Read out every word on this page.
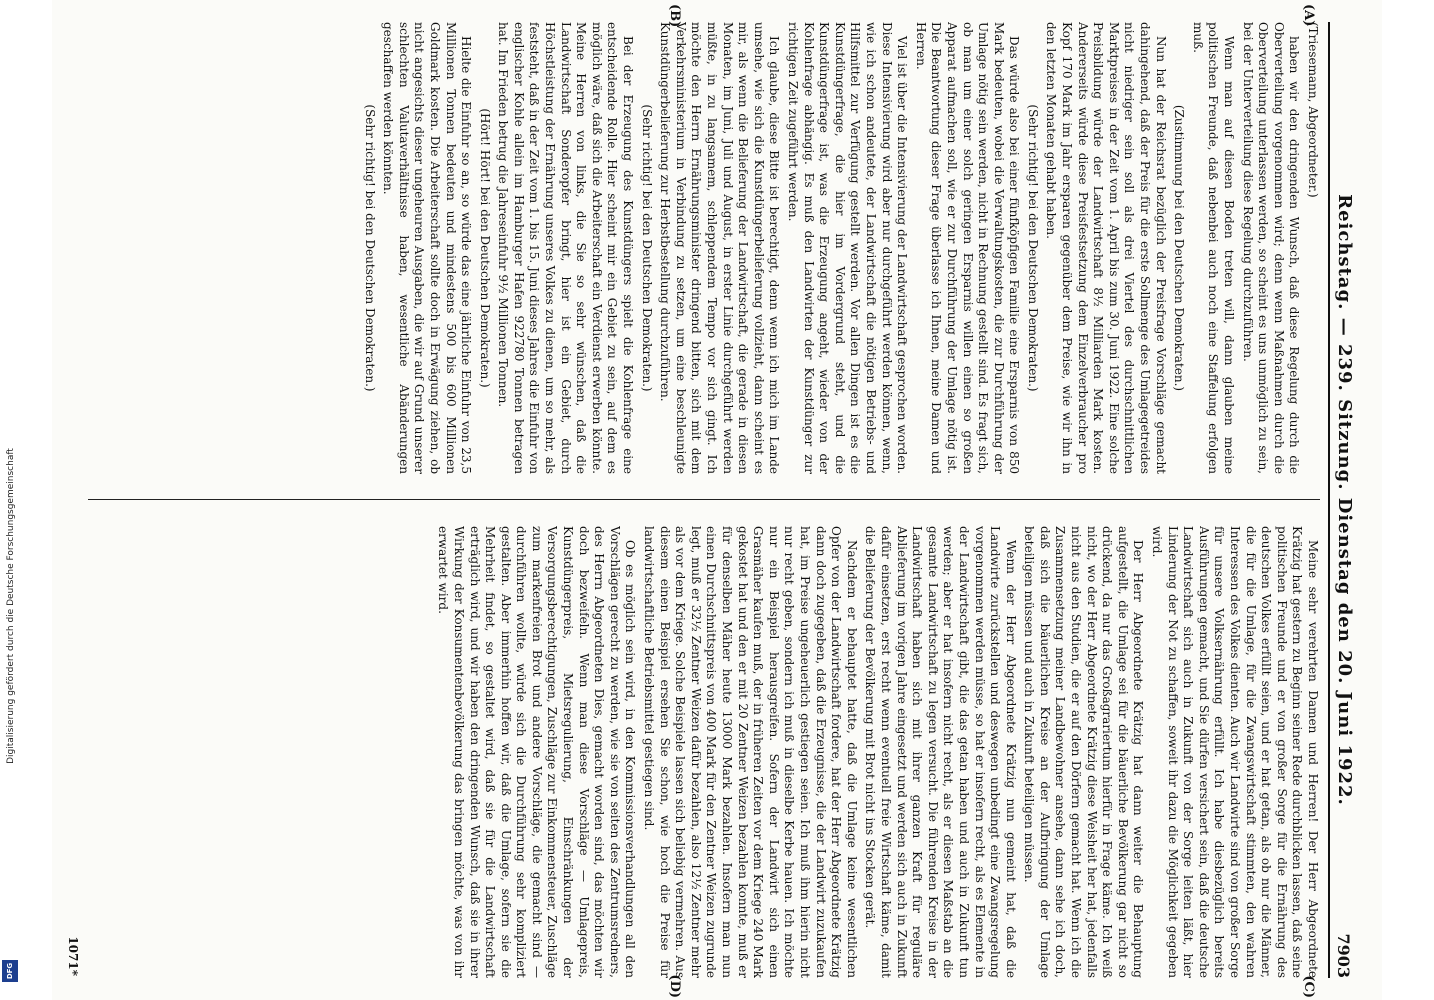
Reichstag. — 239. Sitzung. Dienstag den 20. Juni 1922.
7903
(A)
(B)
(C)
(D)

(Triesemann, Abgeordneter.)

haben wir den dringenden Wunsch, daß diese Regelung durch die Oberverteilung vorgenommen wird; denn wenn Maßnahmen durch die Oberverteilung unterlassen werden, so scheint es uns unmöglich zu sein, bei der Unterverteilung diese Regelung durchzuführen.

Wenn man auf diesen Boden treten will, dann glauben meine politischen Freunde, daß nebenbei auch noch eine Staffelung erfolgen muß.

(Zustimmung bei den Deutschen Demokraten.)

Nun hat der Reichsrat bezüglich der Preisfrage Vorschläge gemacht dahingehend, daß der Preis für die erste Sollmenge des Umlagegetreides nicht niedriger sein soll als drei Viertel des durchschnittlichen Marktpreises in der Zeit vom 1. April bis zum 30. Juni 1922. Eine solche Preisbildung würde der Landwirtschaft 8½ Milliarden Mark kosten. Andererseits würde diese Preisfestsetzung dem Einzelverbraucher pro Kopf 170 Mark im Jahr ersparen gegenüber dem Preise, wie wir ihn in den letzten Monaten gehabt haben.

(Sehr richtig! bei den Deutschen Demokraten.)

Das würde also bei einer fünfköpfigen Familie eine Ersparnis von 850 Mark bedeuten, wobei die Verwaltungskosten, die zur Durchführung der Umlage nötig sein werden, nicht in Rechnung gestellt sind. Es fragt sich, ob man um einer solch geringen Ersparnis willen einen so großen Apparat aufmachen soll, wie er zur Durchführung der Umlage nötig ist. Die Beantwortung dieser Frage überlasse ich Ihnen, meine Damen und Herren.

Viel ist über die Intensivierung der Landwirtschaft gesprochen worden. Diese Intensivierung wird aber nur durchgeführt werden können, wenn, wie ich schon andeutete, der Landwirtschaft die nötigen Betriebs- und Hilfsmittel zur Verfügung gestellt werden. Vor allen Dingen ist es die Kunstdüngerfrage, die hier im Vordergrund steht, und die Kunstdüngerfrage ist, was die Erzeugung angeht, wieder von der Kohlenfrage abhängig. Es muß den Landwirten der Kunstdünger zur richtigen Zeit zugeführt werden.

Ich glaube, diese Bitte ist berechtigt, denn wenn ich mich im Lande umsehe, wie sich die Kunstdüngerbelieferung vollzieht, dann scheint es mir, als wenn die Belieferung der Landwirtschaft, die gerade in diesen Monaten, im Juni, Juli und August, in erster Linie durchgeführt werden müßte, in zu langsamem, schleppendem Tempo vor sich gingt. Ich möchte den Herrn Ernährungsminister dringend bitten, sich mit dem Verkehrsministerium in Verbindung zu setzen, um eine beschleunigte Kunstdüngerbelieferung zur Herbstbestellung durchzuführen.

(Sehr richtig! bei den Deutschen Demokraten.)

Bei der Erzeugung des Kunstdüngers spielt die Kohlenfrage eine entscheidende Rolle. Hier scheint mir ein Gebiet zu sein, auf dem es möglich wäre, daß sich die Arbeiterschaft ein Verdienst erwerben könnte. Meine Herren von links, die Sie so sehr wünschen, daß die Landwirtschaft Sonderopfer bringt, hier ist ein Gebiet, durch Höchstleistung der Ernährung unseres Volkes zu dienen, um so mehr, als feststeht, daß in der Zeit vom 1. bis 15. Juni dieses Jahres die Einfuhr von englischer Kohle allein im Hamburger Hafen 922780 Tonnen betragen hat. Im Frieden betrug die Jahreseinfuhr 9½ Millionen Tonnen.

(Hört! Hört! bei den Deutschen Demokraten.)

Hielte die Einfuhr so an, so würde das eine jährliche Einfuhr von 23,5 Millionen Tonnen bedeuten und mindestens 500 bis 600 Millionen Goldmark kosten. Die Arbeiterschaft sollte doch in Erwägung ziehen, ob nicht angesichts dieser ungeheuren Ausgaben, die wir auf Grund unserer schlechten Valutaverhältnisse haben, wesentliche Abänderungen geschaffen werden könnten.

(Sehr richtig! bei den Deutschen Demokraten.)

Meine sehr verehrten Damen und Herren! Der Herr Abgeordnete Krätzig hat gestern zu Beginn seiner Rede durchblicken lassen, daß seine politischen Freunde und er von großer Sorge für die Ernährung des deutschen Volkes erfüllt seien, und er hat getan, als ob nur die Männer, die für die Umlage, für die Zwangswirtschaft stimmten, den wahren Interessen des Volkes dienten. Auch wir Landwirte sind von großer Sorge für unsere Volksernährung erfüllt. Ich habe diesbezüglich bereits Ausführungen gemacht, und Sie dürfen versichert sein, daß die deutsche Landwirtschaft sich auch in Zukunft von der Sorge leiten läßt, hier Linderung der Not zu schaffen, soweit ihr dazu die Möglichkeit gegeben wird.

Der Herr Abgeordnete Krätzig hat dann weiter die Behauptung aufgestellt, die Umlage sei für die bäuerliche Bevölkerung gar nicht so drückend, da nur das Großagrariertum hierfür in Frage käme. Ich weiß nicht, wo der Herr Abgeordnete Krätzig diese Weisheit her hat, jedenfalls nicht aus den Studien, die er auf den Dörfern gemacht hat. Wenn ich die Zusammensetzung meiner Landbewohner ansehe, dann sehe ich doch, daß sich die bäuerlichen Kreise an der Aufbringung der Umlage beteiligen müssen und auch in Zukunft beteiligen müssen.

Wenn der Herr Abgeordnete Krätzig nun gemeint hat, daß die Landwirte zurückstellen und deswegen unbedingt eine Zwangsregelung vorgenommen werden müsse, so hat er insofern recht, als es Elemente in der Landwirtschaft gibt, die das getan haben und auch in Zukunft tun werden; aber er hat insofern nicht recht, als er diesen Maßstab an die gesamte Landwirtschaft zu legen versucht. Die führenden Kreise in der Landwirtschaft haben sich mit ihrer ganzen Kraft für reguläre Ablieferung im vorigen Jahre eingesetzt und werden sich auch in Zukunft dafür einsetzen, erst recht wenn eventuell freie Wirtschaft käme, damit die Belieferung der Bevölkerung mit Brot nicht ins Stocken gerät.

Nachdem er behauptet hatte, daß die Umlage keine wesentlichen Opfer von der Landwirtschaft fordere, hat der Herr Abgeordnete Krätzig dann doch zugegeben, daß die Erzeugnisse, die der Landwirt zuzukaufen hat, im Preise ungeheuerlich gestiegen seien. Ich muß ihm hierin nicht nur recht geben, sondern ich muß in dieselbe Kerbe hauen. Ich möchte nur ein Beispiel herausgreifen. Sofern der Landwirt sich einen Grasmäher kaufen muß, der in früheren Zeiten vor dem Kriege 240 Mark gekostet hat und den er mit 20 Zentner Weizen bezahlen konnte, muß er für denselben Mäher heute 13000 Mark bezahlen. Insofern man nun einen Durchschnittspreis von 400 Mark für den Zentner Weizen zugrunde legt, muß er 32½ Zentner Weizen dafür bezahlen, also 12½ Zentner mehr als vor dem Kriege. Solche Beispiele lassen sich beliebig vermehren. Aus diesem einen Beispiel ersehen Sie schon, wie hoch die Preise für landwirtschaftliche Betriebsmittel gestiegen sind.

Ob es möglich sein wird, in den Kommissionsverhandlungen all den Vorschlägen gerecht zu werden, wie sie von seiten des Zentrumsredners, des Herrn Abgeordneten Dies, gemacht worden sind, das möchten wir doch bezweifeln. Wenn man diese Vorschläge — Umlagepreis, Kunstdüngerpreis, Mietsregulierung, Einschränkungen der Versorgungsberechtigungen, Zuschläge zur Einkommensteuer, Zuschläge zum markenfreien Brot und andere Vorschläge, die gemacht sind — durchführen wollte, würde sich die Durchführung sehr kompliziert gestalten. Aber immerhin hoffen wir, daß die Umlage, sofern sie die Mehrheit findet, so gestaltet wird, daß sie für die Landwirtschaft erträglich wird, und wir haben den dringenden Wunsch, daß sie in ihrer Wirkung der Konsumentenbevölkerung das bringen möchte, was von ihr erwartet wird.

1071*
Digitalisierung gefördert durch die Deutsche Forschungsgemeinschaft
DFG
